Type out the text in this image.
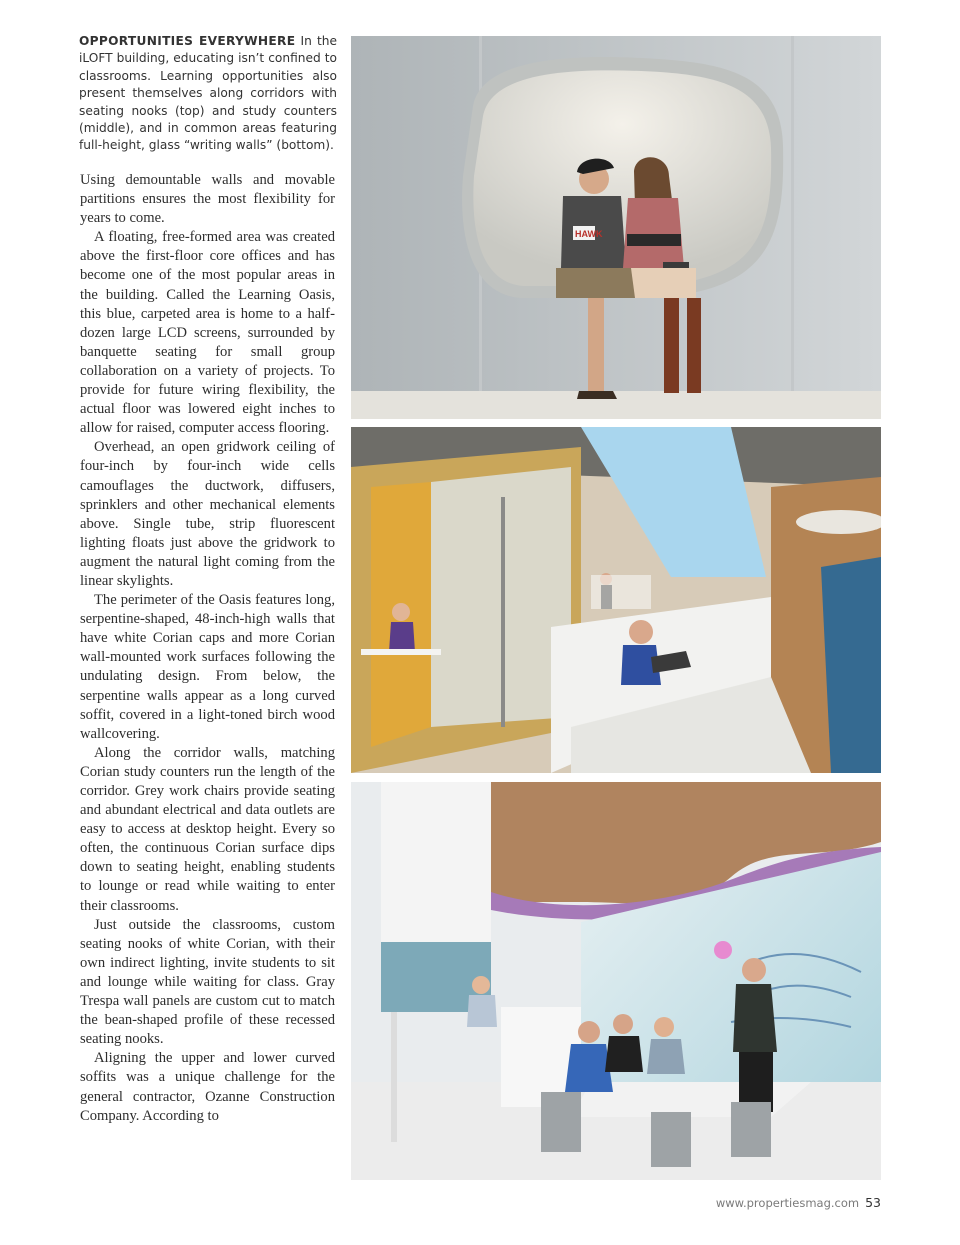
OPPORTUNITIES EVERYWHERE In the iLOFT building, educating isn’t confined to classrooms. Learning opportunities also present themselves along corridors with seating nooks (top) and study counters (middle), and in common areas featuring full-height, glass “writing walls” (bottom).

Using demountable walls and movable partitions ensures the most flexibility for years to come.

A floating, free-formed area was created above the first-floor core offices and has become one of the most popular areas in the building. Called the Learning Oasis, this blue, carpeted area is home to a half-dozen large LCD screens, surrounded by banquette seating for small group collaboration on a variety of projects. To provide for future wiring flexibility, the actual floor was lowered eight inches to allow for raised, computer access flooring.

Overhead, an open gridwork ceiling of four-inch by four-inch wide cells camouflages the ductwork, diffusers, sprinklers and other mechanical elements above. Single tube, strip fluorescent lighting floats just above the gridwork to augment the natural light coming from the linear skylights.

The perimeter of the Oasis features long, serpentine-shaped, 48-inch-high walls that have white Corian caps and more Corian wall-mounted work surfaces following the undulating design. From below, the serpentine walls appear as a long curved soffit, covered in a light-toned birch wood wallcovering.

Along the corridor walls, matching Corian study counters run the length of the corridor. Grey work chairs provide seating and abundant electrical and data outlets are easy to access at desktop height. Every so often, the continuous Corian surface dips down to seating height, enabling students to lounge or read while waiting to enter their classrooms.

Just outside the classrooms, custom seating nooks of white Corian, with their own indirect lighting, invite students to sit and lounge while waiting for class. Gray Trespa wall panels are custom cut to match the bean-shaped profile of these recessed seating nooks.

Aligning the upper and lower curved soffits was a unique challenge for the general contractor, Ozanne Construction Company. According to

HAWK
www.propertiesmag.com 53
